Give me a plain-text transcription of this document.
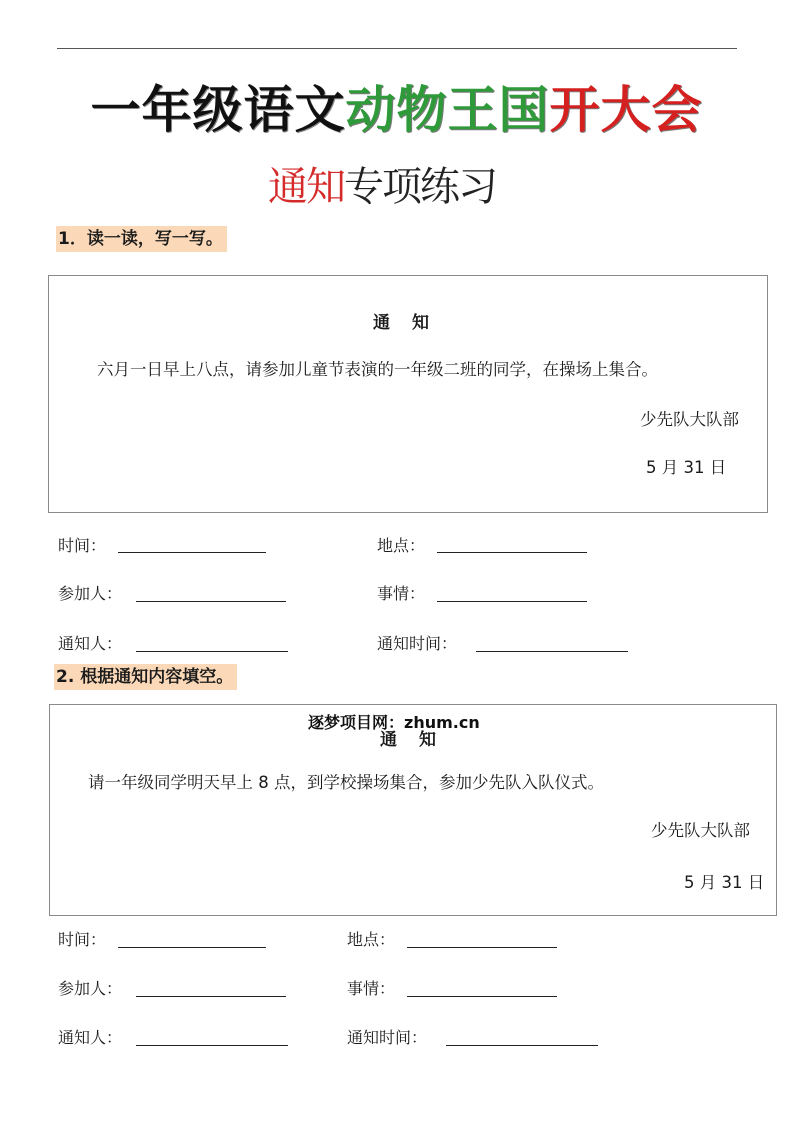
一年级语文动物王国开大会
通知专项练习
1．读一读，写一写。
通知
六月一日早上八点，请参加儿童节表演的一年级二班的同学，在操场上集合。
少先队大队部
5 月 31 日
时间：	地点：
参加人：	事情：
通知人：	通知时间：
2. 根据通知内容填空。
通知
请一年级同学明天早上 8 点，到学校操场集合，参加少先队入队仪式。
少先队大队部
5 月 31 日
逐梦项目网：zhum.cn
时间：	地点：
参加人：	事情：
通知人：	通知时间：
